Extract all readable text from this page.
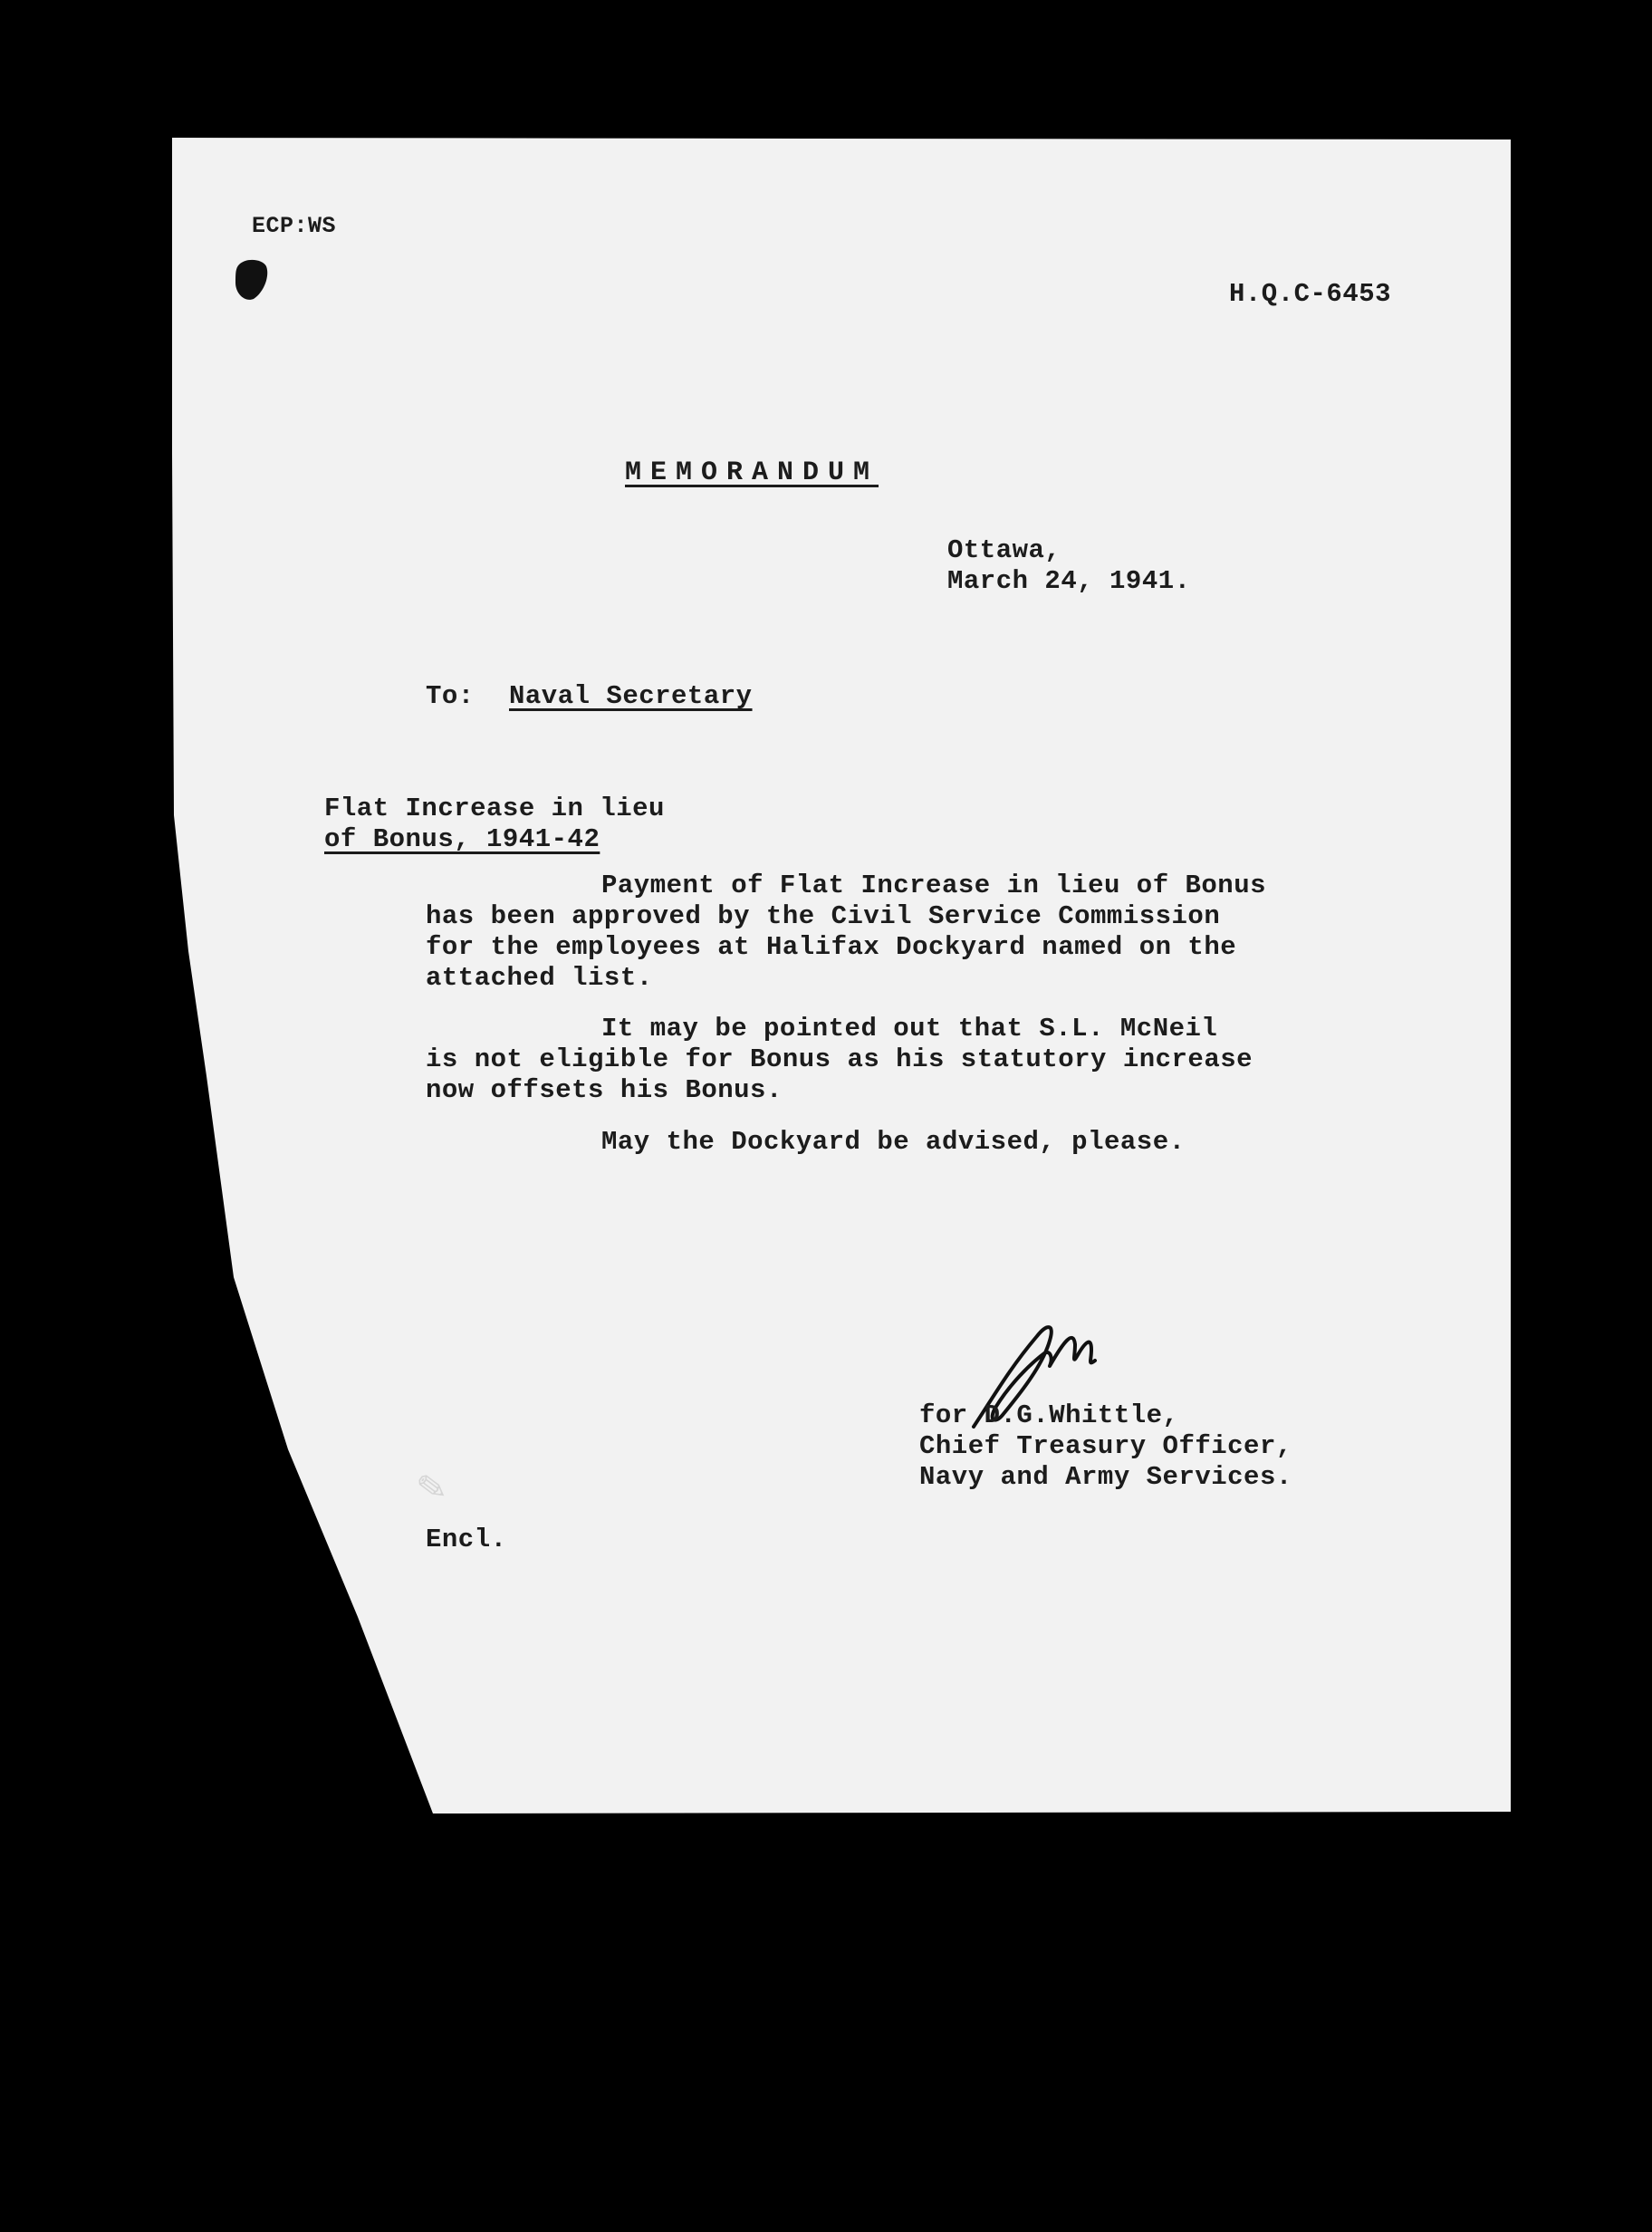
ECP:WS
H.Q.C-6453
MEMORANDUM
Ottawa,
March 24, 1941.
To: Naval Secretary
Flat Increase in lieu
of Bonus, 1941-42
Payment of Flat Increase in lieu of Bonus
has been approved by the Civil Service Commission
for the employees at Halifax Dockyard named on the
attached list.
It may be pointed out that S.L. McNeil
is not eligible for Bonus as his statutory increase
now offsets his Bonus.
May the Dockyard be advised, please.
for D.G.Whittle,
Chief Treasury Officer,
Navy and Army Services.
✎
Encl.
